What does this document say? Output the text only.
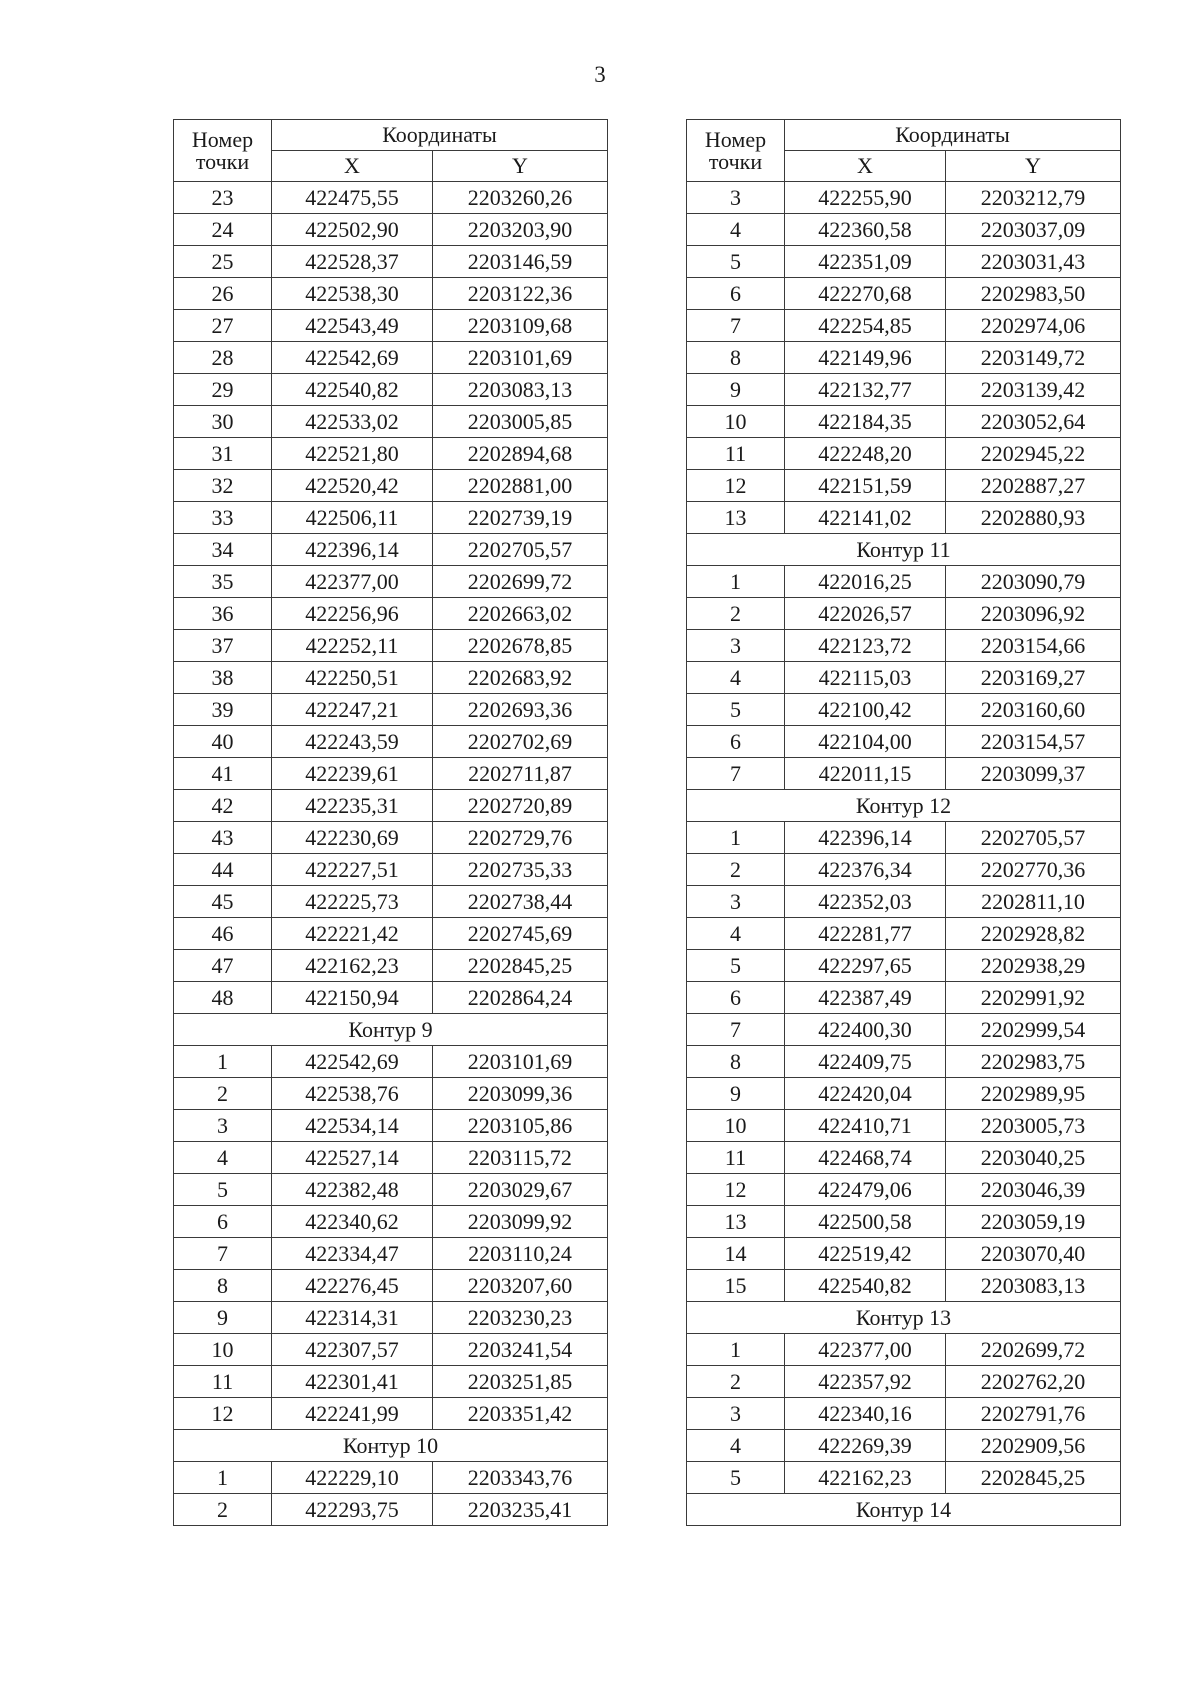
3
Номер точки	Координаты	
	X	Y
23	422475,55	2203260,26
24	422502,90	2203203,90
25	422528,37	2203146,59
26	422538,30	2203122,36
27	422543,49	2203109,68
28	422542,69	2203101,69
29	422540,82	2203083,13
30	422533,02	2203005,85
31	422521,80	2202894,68
32	422520,42	2202881,00
33	422506,11	2202739,19
34	422396,14	2202705,57
35	422377,00	2202699,72
36	422256,96	2202663,02
37	422252,11	2202678,85
38	422250,51	2202683,92
39	422247,21	2202693,36
40	422243,59	2202702,69
41	422239,61	2202711,87
42	422235,31	2202720,89
43	422230,69	2202729,76
44	422227,51	2202735,33
45	422225,73	2202738,44
46	422221,42	2202745,69
47	422162,23	2202845,25
48	422150,94	2202864,24
Контур 9		
1	422542,69	2203101,69
2	422538,76	2203099,36
3	422534,14	2203105,86
4	422527,14	2203115,72
5	422382,48	2203029,67
6	422340,62	2203099,92
7	422334,47	2203110,24
8	422276,45	2203207,60
9	422314,31	2203230,23
10	422307,57	2203241,54
11	422301,41	2203251,85
12	422241,99	2203351,42
Контур 10		
1	422229,10	2203343,76
2	422293,75	2203235,41
Номер точки	Координаты	
	X	Y
3	422255,90	2203212,79
4	422360,58	2203037,09
5	422351,09	2203031,43
6	422270,68	2202983,50
7	422254,85	2202974,06
8	422149,96	2203149,72
9	422132,77	2203139,42
10	422184,35	2203052,64
11	422248,20	2202945,22
12	422151,59	2202887,27
13	422141,02	2202880,93
Контур 11		
1	422016,25	2203090,79
2	422026,57	2203096,92
3	422123,72	2203154,66
4	422115,03	2203169,27
5	422100,42	2203160,60
6	422104,00	2203154,57
7	422011,15	2203099,37
Контур 12		
1	422396,14	2202705,57
2	422376,34	2202770,36
3	422352,03	2202811,10
4	422281,77	2202928,82
5	422297,65	2202938,29
6	422387,49	2202991,92
7	422400,30	2202999,54
8	422409,75	2202983,75
9	422420,04	2202989,95
10	422410,71	2203005,73
11	422468,74	2203040,25
12	422479,06	2203046,39
13	422500,58	2203059,19
14	422519,42	2203070,40
15	422540,82	2203083,13
Контур 13		
1	422377,00	2202699,72
2	422357,92	2202762,20
3	422340,16	2202791,76
4	422269,39	2202909,56
5	422162,23	2202845,25
Контур 14		
